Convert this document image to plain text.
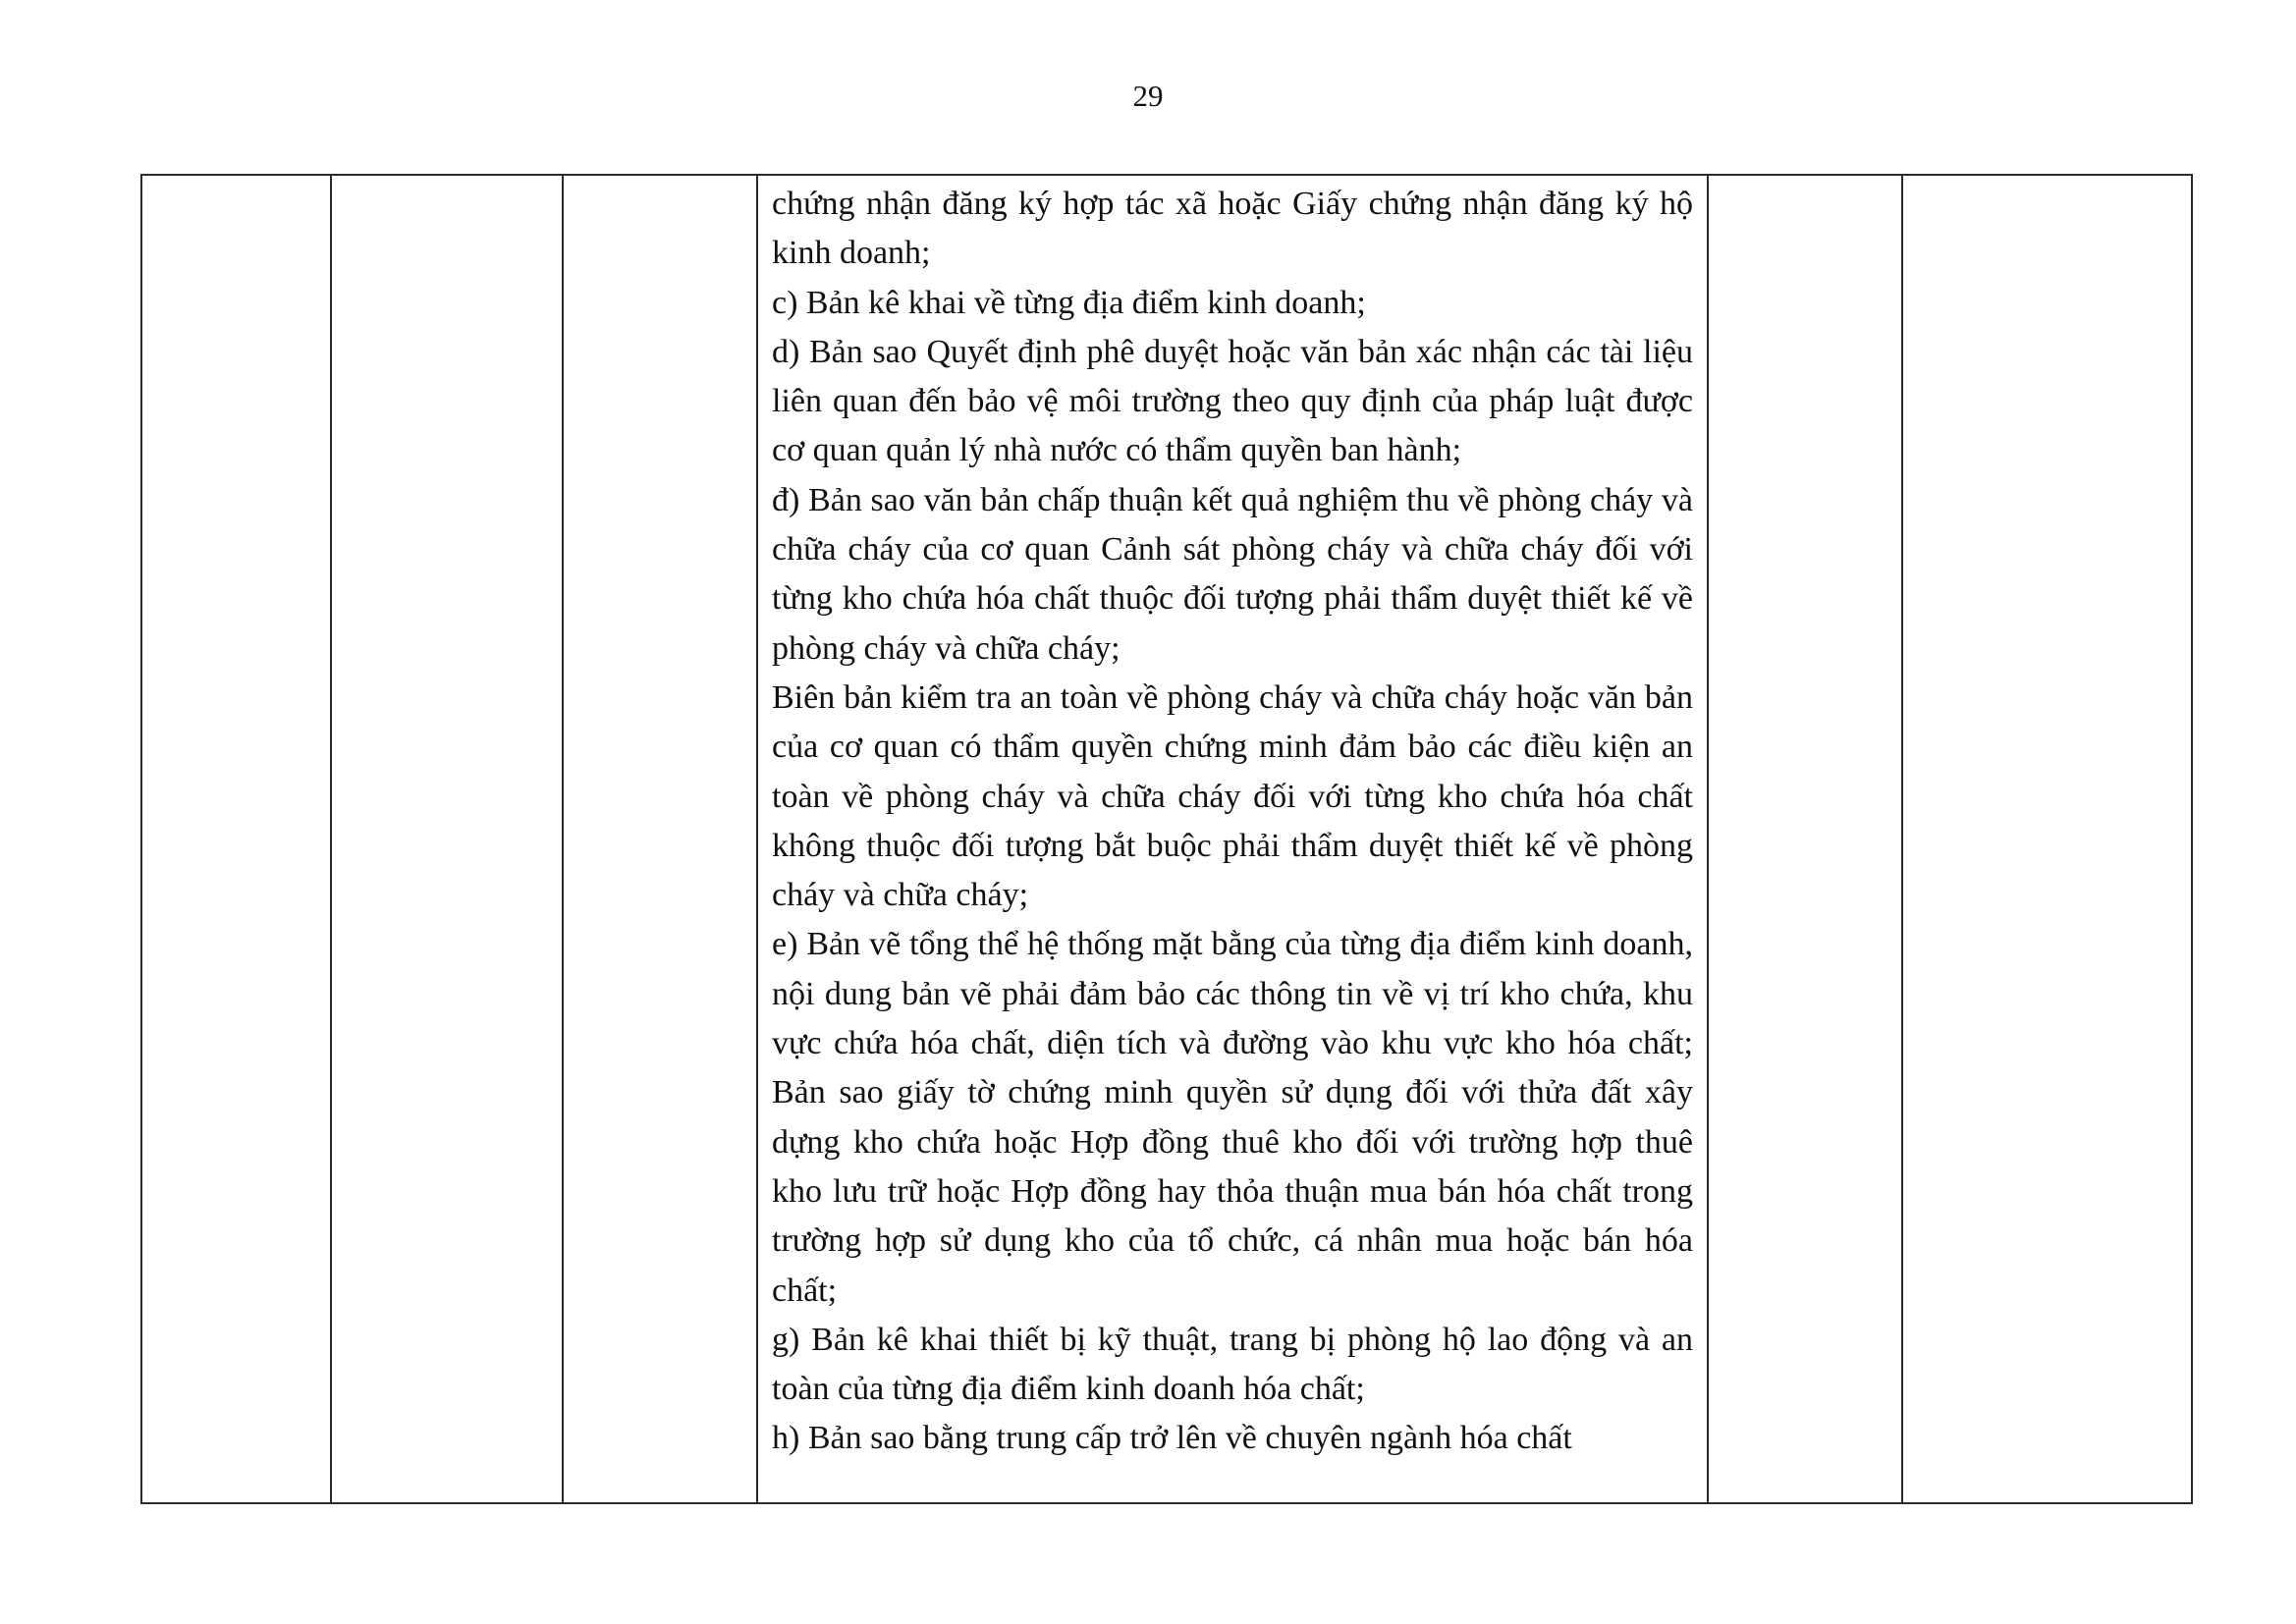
29

chứng nhận đăng ký hợp tác xã hoặc Giấy chứng nhận đăng ký hộ kinh doanh;

c) Bản kê khai về từng địa điểm kinh doanh;

d) Bản sao Quyết định phê duyệt hoặc văn bản xác nhận các tài liệu liên quan đến bảo vệ môi trường theo quy định của pháp luật được cơ quan quản lý nhà nước có thẩm quyền ban hành;

đ) Bản sao văn bản chấp thuận kết quả nghiệm thu về phòng cháy và chữa cháy của cơ quan Cảnh sát phòng cháy và chữa cháy đối với từng kho chứa hóa chất thuộc đối tượng phải thẩm duyệt thiết kế về phòng cháy và chữa cháy;

Biên bản kiểm tra an toàn về phòng cháy và chữa cháy hoặc văn bản của cơ quan có thẩm quyền chứng minh đảm bảo các điều kiện an toàn về phòng cháy và chữa cháy đối với từng kho chứa hóa chất không thuộc đối tượng bắt buộc phải thẩm duyệt thiết kế về phòng cháy và chữa cháy;

e) Bản vẽ tổng thể hệ thống mặt bằng của từng địa điểm kinh doanh, nội dung bản vẽ phải đảm bảo các thông tin về vị trí kho chứa, khu vực chứa hóa chất, diện tích và đường vào khu vực kho hóa chất; Bản sao giấy tờ chứng minh quyền sử dụng đối với thửa đất xây dựng kho chứa hoặc Hợp đồng thuê kho đối với trường hợp thuê kho lưu trữ hoặc Hợp đồng hay thỏa thuận mua bán hóa chất trong trường hợp sử dụng kho của tổ chức, cá nhân mua hoặc bán hóa chất;

g) Bản kê khai thiết bị kỹ thuật, trang bị phòng hộ lao động và an toàn của từng địa điểm kinh doanh hóa chất;

h) Bản sao bằng trung cấp trở lên về chuyên ngành hóa chất
